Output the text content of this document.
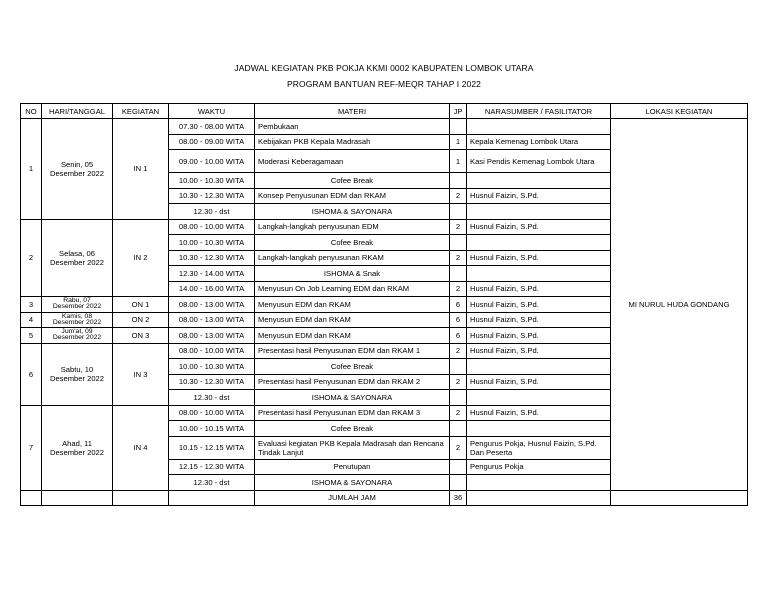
JADWAL KEGIATAN PKB POKJA KKMI 0002 KABUPATEN LOMBOK UTARA
PROGRAM BANTUAN REF-MEQR TAHAP I 2022
NO	HARI/TANGGAL	KEGIATAN	WAKTU	MATERI	JP	NARASUMBER / FASILITATOR	LOKASI KEGIATAN
1	Senin, 05
Desember 2022	IN 1	07.30 - 08.00 WITA	Pembukaan			MI NURUL HUDA GONDANG
			08.00 - 09.00 WITA	Kebijakan PKB Kepala Madrasah	1	Kepala Kemenag Lombok Utara	
			09.00 - 10.00 WITA	Moderasi Keberagamaan	1	Kasi Pendis Kemenag Lombok Utara	
			10.00 - 10.30 WITA	Cofee Break			
			10.30 - 12.30 WITA	Konsep Penyusunan EDM dan RKAM	2	Husnul Faizin, S.Pd.	
			12.30 - dst	ISHOMA & SAYONARA			
2	Selasa, 06
Desember 2022	IN 2	08.00 - 10.00 WITA	Langkah-langkah penyusunan EDM	2	Husnul Faizin, S.Pd.	
			10.00 - 10.30 WITA	Cofee Break			
			10.30 - 12.30 WITA	Langkah-langkah penyusunan RKAM	2	Husnul Faizin, S.Pd.	
			12.30 - 14.00 WITA	ISHOMA & Snak			
			14.00 - 16.00 WITA	Menyusun On Job Learning EDM dan RKAM	2	Husnul Faizin, S.Pd.	
3	Rabu, 07
Desember 2022	ON 1	08.00 - 13.00 WITA	Menyusun EDM dan RKAM	6	Husnul Faizin, S.Pd.	
4	Kamis, 08
Desember 2022	ON 2	08.00 - 13.00 WITA	Menyusun EDM dan RKAM	6	Husnul Faizin, S.Pd.	
5	Jum'at, 09
Desember 2022	ON 3	08.00 - 13.00 WITA	Menyusun EDM dan RKAM	6	Husnul Faizin, S.Pd.	
6	Sabtu, 10
Desember 2022	IN 3	08.00 - 10.00 WITA	Presentasi hasil Penyusunan EDM dan RKAM 1	2	Husnul Faizin, S.Pd.	
			10.00 - 10.30 WITA	Cofee Break			
			10.30 - 12.30 WITA	Presentasi hasil Penyusunan EDM dan RKAM 2	2	Husnul Faizin, S.Pd.	
			12.30 - dst	ISHOMA & SAYONARA			
7	Ahad, 11
Desember 2022	IN 4	08.00 - 10.00 WITA	Presentasi hasil Penyusunan EDM dan RKAM 3	2	Husnul Faizin, S.Pd.	
			10.00 - 10.15 WITA	Cofee Break			
			10.15 - 12.15 WITA	Evaluasi kegiatan PKB Kepala Madrasah dan Rencana Tindak Lanjut	2	Pengurus Pokja, Husnul Faizin, S.Pd. Dan Peserta	
			12.15 - 12.30 WITA	Penutupan		Pengurus Pokja	
			12.30 - dst	ISHOMA & SAYONARA			
				JUMLAH JAM	36		
